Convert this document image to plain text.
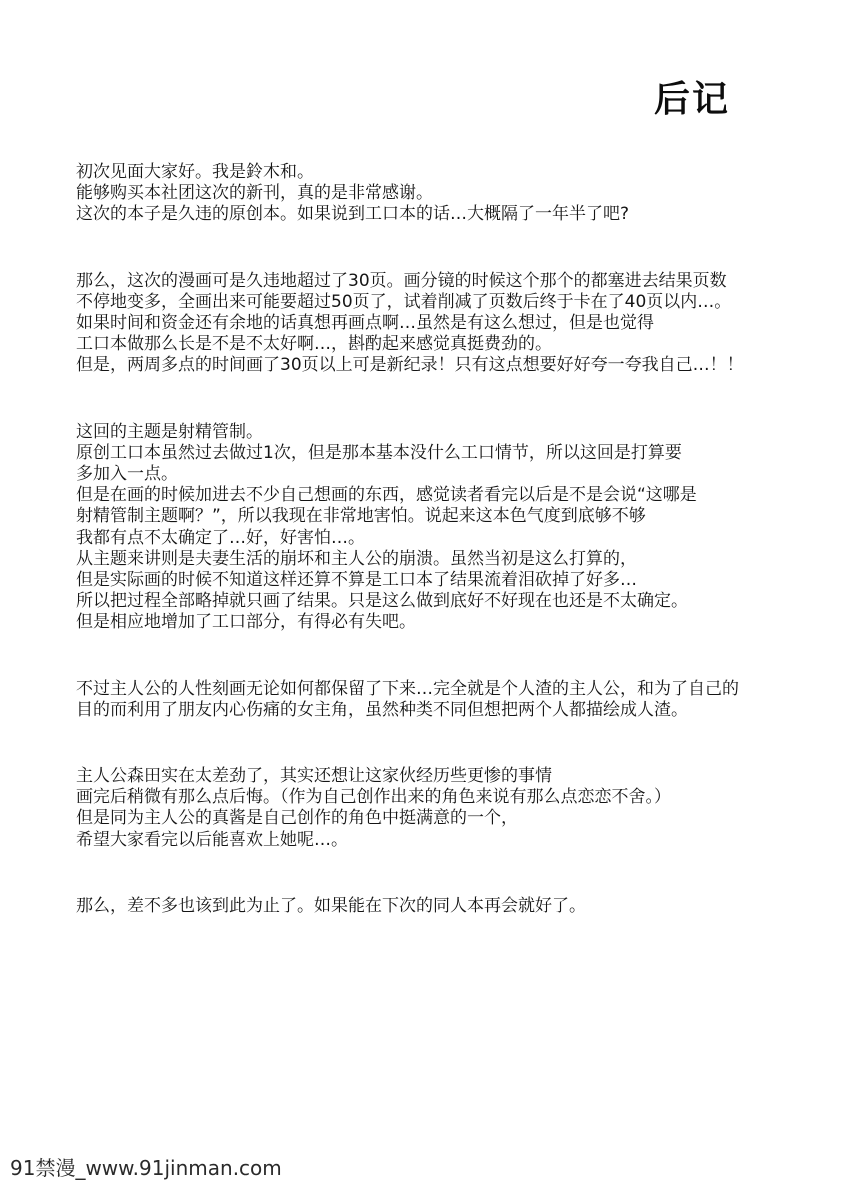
后记
初次见面大家好。我是鈴木和。
能够购买本社团这次的新刊，真的是非常感谢。
这次的本子是久违的原创本。如果说到工口本的话…大概隔了一年半了吧?
那么，这次的漫画可是久违地超过了30页。画分镜的时候这个那个的都塞进去结果页数
不停地变多，全画出来可能要超过50页了，试着削减了页数后终于卡在了40页以内…。
如果时间和资金还有余地的话真想再画点啊…虽然是有这么想过，但是也觉得
工口本做那么长是不是不太好啊…，斟酌起来感觉真挺费劲的。
但是，两周多点的时间画了30页以上可是新纪录！只有这点想要好好夸一夸我自己…！！
这回的主题是射精管制。
原创工口本虽然过去做过1次，但是那本基本没什么工口情节，所以这回是打算要
多加入一点。
但是在画的时候加进去不少自己想画的东西，感觉读者看完以后是不是会说“这哪是
射精管制主题啊？”，所以我现在非常地害怕。说起来这本色气度到底够不够
我都有点不太确定了…好，好害怕…。
从主题来讲则是夫妻生活的崩坏和主人公的崩溃。虽然当初是这么打算的，
但是实际画的时候不知道这样还算不算是工口本了结果流着泪砍掉了好多…
所以把过程全部略掉就只画了结果。只是这么做到底好不好现在也还是不太确定。
但是相应地增加了工口部分，有得必有失吧。
不过主人公的人性刻画无论如何都保留了下来…完全就是个人渣的主人公，和为了自己的
目的而利用了朋友内心伤痛的女主角，虽然种类不同但想把两个人都描绘成人渣。
主人公森田实在太差劲了，其实还想让这家伙经历些更惨的事情
画完后稍微有那么点后悔。（作为自己创作出来的角色来说有那么点恋恋不舍。）
但是同为主人公的真酱是自己创作的角色中挺满意的一个，
希望大家看完以后能喜欢上她呢…。
那么，差不多也该到此为止了。如果能在下次的同人本再会就好了。
91禁漫_www.91jinman.com
